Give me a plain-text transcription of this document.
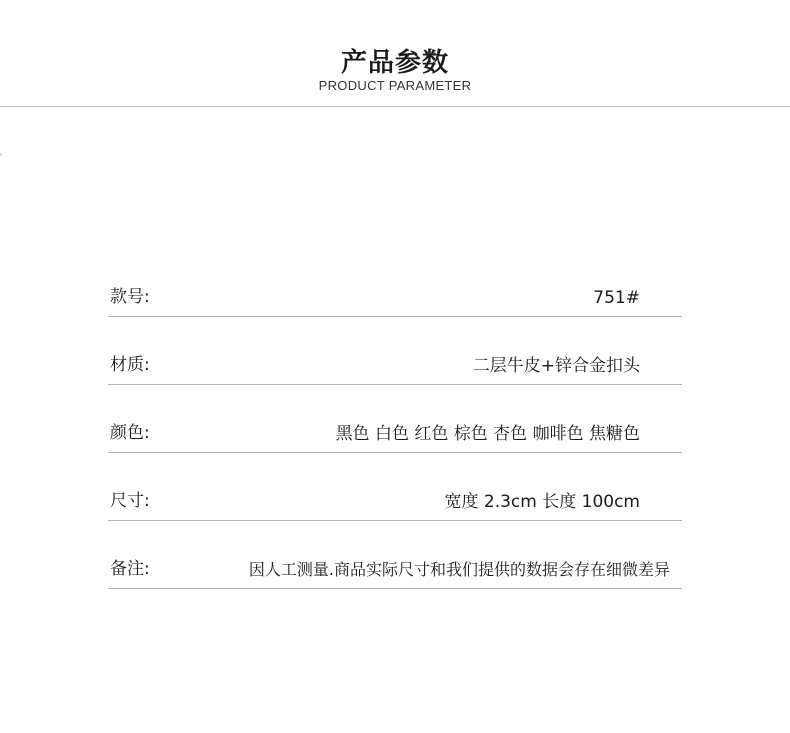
产品参数
PRODUCT PARAMETER
款号:	751#
材质:	二层牛皮+锌合金扣头
颜色:	黑色 白色 红色 棕色 杏色 咖啡色 焦糖色
尺寸:	宽度 2.3cm 长度 100cm
备注:	因人工测量.商品实际尺寸和我们提供的数据会存在细微差异
